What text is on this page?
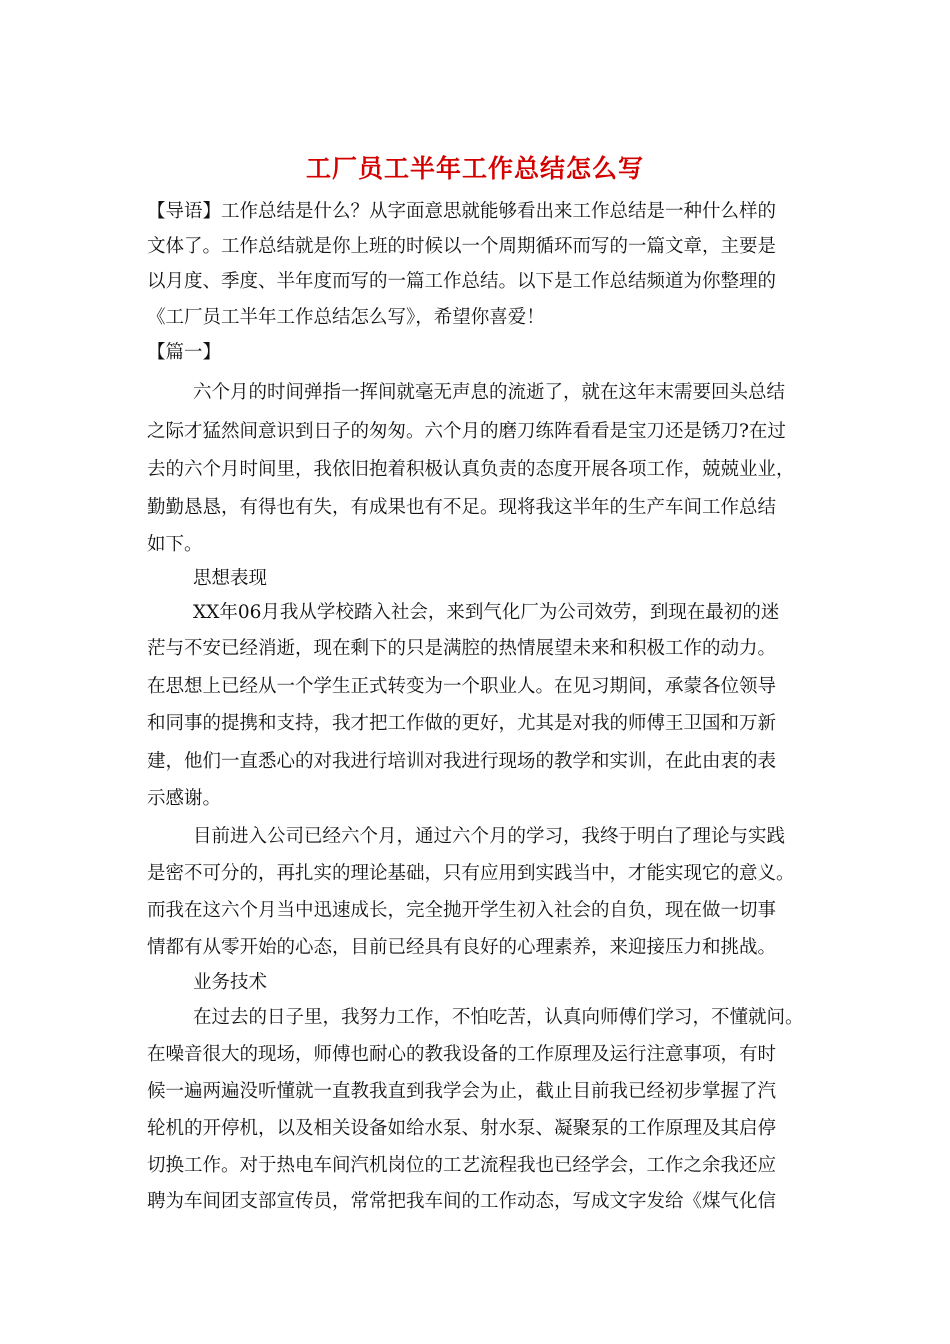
工厂员工半年工作总结怎么写
【导语】工作总结是什么？从字面意思就能够看出来工作总结是一种什么样的
文体了。工作总结就是你上班的时候以一个周期循环而写的一篇文章，主要是
以月度、季度、半年度而写的一篇工作总结。以下是工作总结频道为你整理的
《工厂员工半年工作总结怎么写》，希望你喜爱！
【篇一】
六个月的时间弹指一挥间就毫无声息的流逝了，就在这年末需要回头总结
之际才猛然间意识到日子的匆匆。六个月的磨刀练阵看看是宝刀还是锈刀?在过
去的六个月时间里，我依旧抱着积极认真负责的态度开展各项工作，兢兢业业，
勤勤恳恳，有得也有失，有成果也有不足。现将我这半年的生产车间工作总结
如下。
思想表现
XX年06月我从学校踏入社会，来到气化厂为公司效劳，到现在最初的迷
茫与不安已经消逝，现在剩下的只是满腔的热情展望未来和积极工作的动力。
在思想上已经从一个学生正式转变为一个职业人。在见习期间，承蒙各位领导
和同事的提携和支持，我才把工作做的更好，尤其是对我的师傅王卫国和万新
建，他们一直悉心的对我进行培训对我进行现场的教学和实训，在此由衷的表
示感谢。
目前进入公司已经六个月，通过六个月的学习，我终于明白了理论与实践
是密不可分的，再扎实的理论基础，只有应用到实践当中，才能实现它的意义。
而我在这六个月当中迅速成长，完全抛开学生初入社会的自负，现在做一切事
情都有从零开始的心态，目前已经具有良好的心理素养，来迎接压力和挑战。
业务技术
在过去的日子里，我努力工作，不怕吃苦，认真向师傅们学习，不懂就问。
在噪音很大的现场，师傅也耐心的教我设备的工作原理及运行注意事项，有时
候一遍两遍没听懂就一直教我直到我学会为止，截止目前我已经初步掌握了汽
轮机的开停机，以及相关设备如给水泵、射水泵、凝聚泵的工作原理及其启停
切换工作。对于热电车间汽机岗位的工艺流程我也已经学会，工作之余我还应
聘为车间团支部宣传员，常常把我车间的工作动态，写成文字发给《煤气化信
